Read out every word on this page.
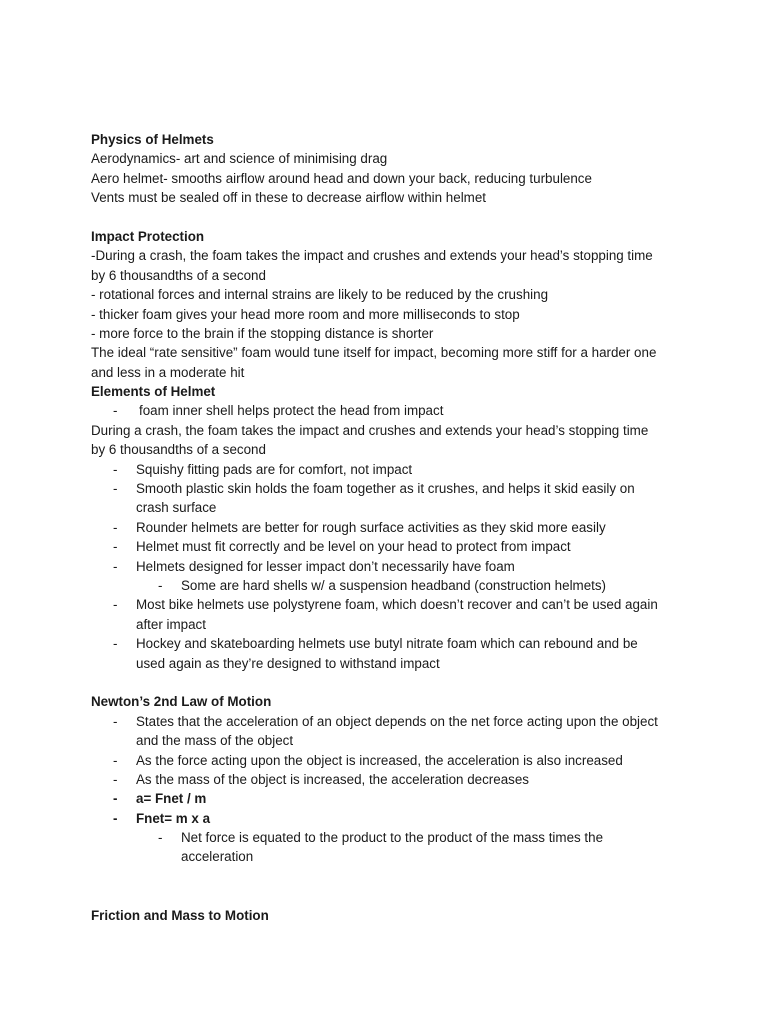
Physics of Helmets
Aerodynamics- art and science of minimising drag
Aero helmet- smooths airflow around head and down your back, reducing turbulence
Vents must be sealed off in these to decrease airflow within helmet
Impact Protection
-During a crash, the foam takes the impact and crushes and extends your head’s stopping time
by 6 thousandths of a second
- rotational forces and internal strains are likely to be reduced by the crushing
- thicker foam gives your head more room and more milliseconds to stop
- more force to the brain if the stopping distance is shorter
The ideal “rate sensitive” foam would tune itself for impact, becoming more stiff for a harder one
and less in a moderate hit
Elements of Helmet
- foam inner shell helps protect the head from impact
During a crash, the foam takes the impact and crushes and extends your head’s stopping time
by 6 thousandths of a second
- Squishy fitting pads are for comfort, not impact
- Smooth plastic skin holds the foam together as it crushes, and helps it skid easily on
crash surface
- Rounder helmets are better for rough surface activities as they skid more easily
- Helmet must fit correctly and be level on your head to protect from impact
- Helmets designed for lesser impact don’t necessarily have foam
- Some are hard shells w/ a suspension headband (construction helmets)
- Most bike helmets use polystyrene foam, which doesn’t recover and can’t be used again
after impact
- Hockey and skateboarding helmets use butyl nitrate foam which can rebound and be
used again as they’re designed to withstand impact
Newton’s 2nd Law of Motion
- States that the acceleration of an object depends on the net force acting upon the object
and the mass of the object
- As the force acting upon the object is increased, the acceleration is also increased
- As the mass of the object is increased, the acceleration decreases
- a= Fnet / m
- Fnet= m x a
- Net force is equated to the product to the product of the mass times the
acceleration
Friction and Mass to Motion
